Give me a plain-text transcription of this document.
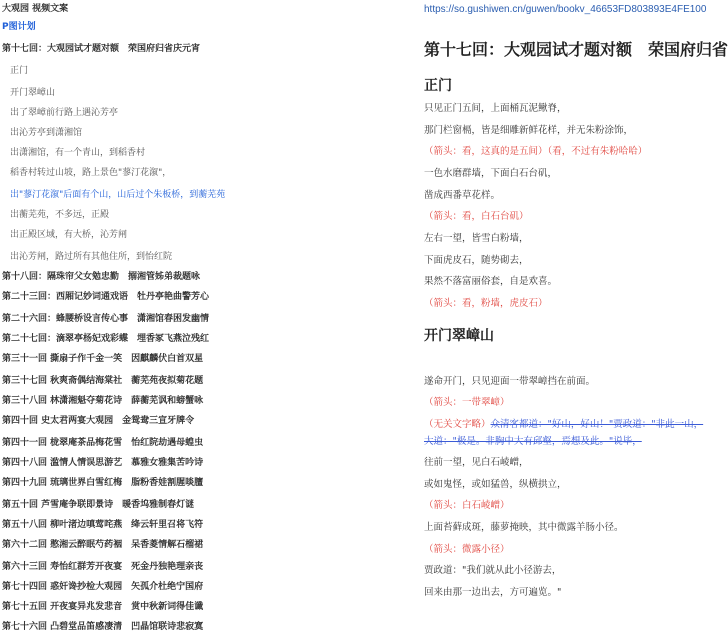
大观园 视频文案
P图计划
第十七回：大观园试才题对额　荣国府归省庆元宵
正门
开门翠嶂山
出了翠嶂前行路上遇沁芳亭
出沁芳亭到潇湘馆
出潇湘馆，有一个青山，到稻香村
稻香村转过山坡，路上景色"蓼汀花溆"，
出"蓼汀花溆"后面有个山，山后过个朱板桥，到蘅芜苑
出蘅芜苑，不多远，正殿
出正殿区域，有大桥，沁芳闸
出沁芳闸，路过所有其他住所，到怡红院
第十八回：隔珠帘父女勉忠勤　搦湘管姊弟裁题咏
第二十三回：西厢记妙词通戏语　牡丹亭艳曲警芳心
第二十六回：蜂腰桥设言传心事　潇湘馆春困发幽情
第二十七回：滴翠亭杨妃戏彩蝶　埋香冢飞燕泣残红
第三十一回 撕扇子作千金一笑　因麒麟伏白首双星
第三十七回 秋爽斋偶结海棠社　蘅芜苑夜拟菊花题
第三十八回 林潇湘魁夺菊花诗　薛蘅芜讽和螃蟹咏
第四十回 史太君两宴大观园　金鸳鸯三宣牙牌令
第四十一回 栊翠庵茶品梅花雪　怡红院劫遇母蝗虫
第四十八回 滥情人情误思游艺　慕雅女雅集苦吟诗
第四十九回 琉璃世界白雪红梅　脂粉香娃割腥啖膻
第五十回 芦雪庵争联即景诗　暖香坞雅制春灯谜
第五十八回 柳叶渚边嗔莺咤燕　绛云轩里召将飞符
第六十二回 憨湘云醉眠芍药裀　呆香菱情解石榴裙
第六十三回 寿怡红群芳开夜宴　死金丹独艳理亲丧
第七十四回 惑奸谗抄检大观园　矢孤介杜绝宁国府
第七十五回 开夜宴异兆发悲音　赏中秋新词得佳谶
第七十六回 凸碧堂品笛感凄清　凹晶馆联诗悲寂寞
https://so.gushiwen.cn/guwen/bookv_46653FD803893E4FE100
第十七回：大观园试才题对额　荣国府归省
正门
只见正门五间，上面桶瓦泥鳅脊，
那门栏窗槅，皆是细雕新鲜花样，并无朱粉涂饰，
（箭头：看，这真的是五间）（看，不过有朱粉哈哈）
一色水磨群墙，下面白石台矶，
凿成西番草花样。
（箭头：看，白石台矶）
左右一望，皆雪白粉墙，
下面虎皮石，随势砌去，
果然不落富丽俗套，自是欢喜。
（箭头：看，粉墙，虎皮石）
开门翠嶂山
遂命开门，只见迎面一带翠嶂挡在前面。
（箭头：一带翠嶂）
（无关文字略）众清客都道："好山，好山！"贾政道："非此一山，
大道："极是。非胸中大有邱壑，焉想及此。"说毕，
往前一望，见白石崚嶒，
或如鬼怪，或如猛兽，纵横拱立，
（箭头：白石崚嶒）
上面苔藓成斑，藤萝掩映，其中微露羊肠小径。
（箭头：微露小径）
贾政道："我们就从此小径游去，
回来由那一边出去，方可遍览。"
